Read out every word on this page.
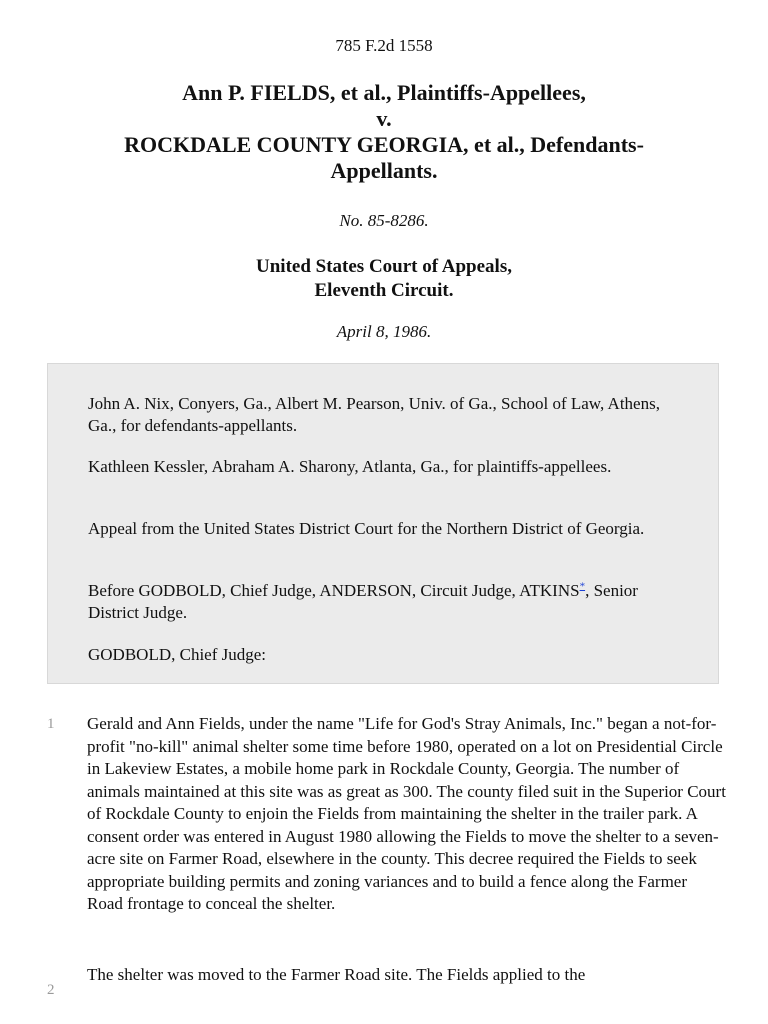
785 F.2d 1558
Ann P. FIELDS, et al., Plaintiffs-Appellees,
v.
ROCKDALE COUNTY GEORGIA, et al., Defendants-
Appellants.
No. 85-8286.
United States Court of Appeals,
Eleventh Circuit.
April 8, 1986.
John A. Nix, Conyers, Ga., Albert M. Pearson, Univ. of Ga., School of Law, Athens, Ga., for defendants-appellants.
Kathleen Kessler, Abraham A. Sharony, Atlanta, Ga., for plaintiffs-appellees.
Appeal from the United States District Court for the Northern District of Georgia.
Before GODBOLD, Chief Judge, ANDERSON, Circuit Judge, ATKINS*, Senior District Judge.
GODBOLD, Chief Judge:
1 Gerald and Ann Fields, under the name "Life for God's Stray Animals, Inc." began a not-for-profit "no-kill" animal shelter some time before 1980, operated on a lot on Presidential Circle in Lakeview Estates, a mobile home park in Rockdale County, Georgia. The number of animals maintained at this site was as great as 300. The county filed suit in the Superior Court of Rockdale County to enjoin the Fields from maintaining the shelter in the trailer park. A consent order was entered in August 1980 allowing the Fields to move the shelter to a seven-acre site on Farmer Road, elsewhere in the county. This decree required the Fields to seek appropriate building permits and zoning variances and to build a fence along the Farmer Road frontage to conceal the shelter.
2
The shelter was moved to the Farmer Road site. The Fields applied to the
